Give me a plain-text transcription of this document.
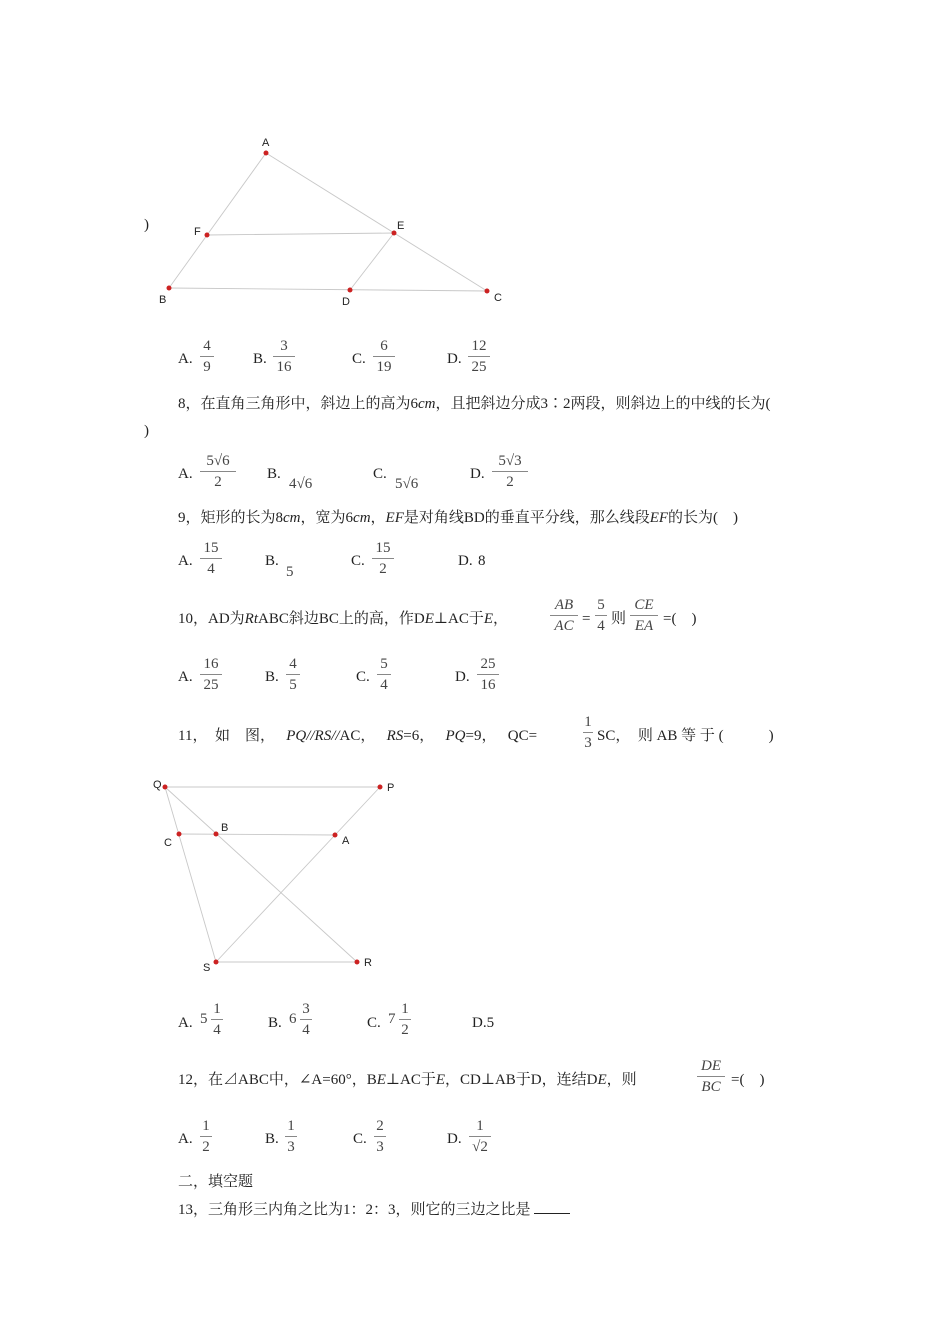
)
A
F	E
B	D	C
A.
4
9	B.
3
16	C.
6
19	D.
12
25
8，在直角三角形中，斜边上的高为6cm，且把斜边分成3∶2两段，则斜边上的中线的长为(
)
A.
5√6
2	B.
4√6
C.
5√6
D.
5√3
2
9，矩形的长为8cm，宽为6cm，EF是对角线BD的垂直平分线，那么线段EF的长为(　)
A.
15
4	B.
5
C.
15
2	D. 8
10，AD为RtABC斜边BC上的高，作DE⊥AC于E，
AB
AC =
5
4 则
CE
EA =(　)
A.
16
25	B.
4
5	C.
5
4	D.
25
16
11，　如　图， PQ//RS//AC， RS=6， PQ=9， QC=
1
3 SC，　则 AB 等 于 (　　　)
Q	P
B
C	A
S	R
A. 5
1
4	B. 6
3
4	C. 7
1
2	D.5
12，在⊿ABC中，∠A=60°，BE⊥AC于E，CD⊥AB于D，连结DE，则
DE
BC =(　)
A.
1
2	B.
1
3	C.
2
3	D.
1
√2
二，填空题
13，三角形三内角之比为1：2：3，则它的三边之比是
